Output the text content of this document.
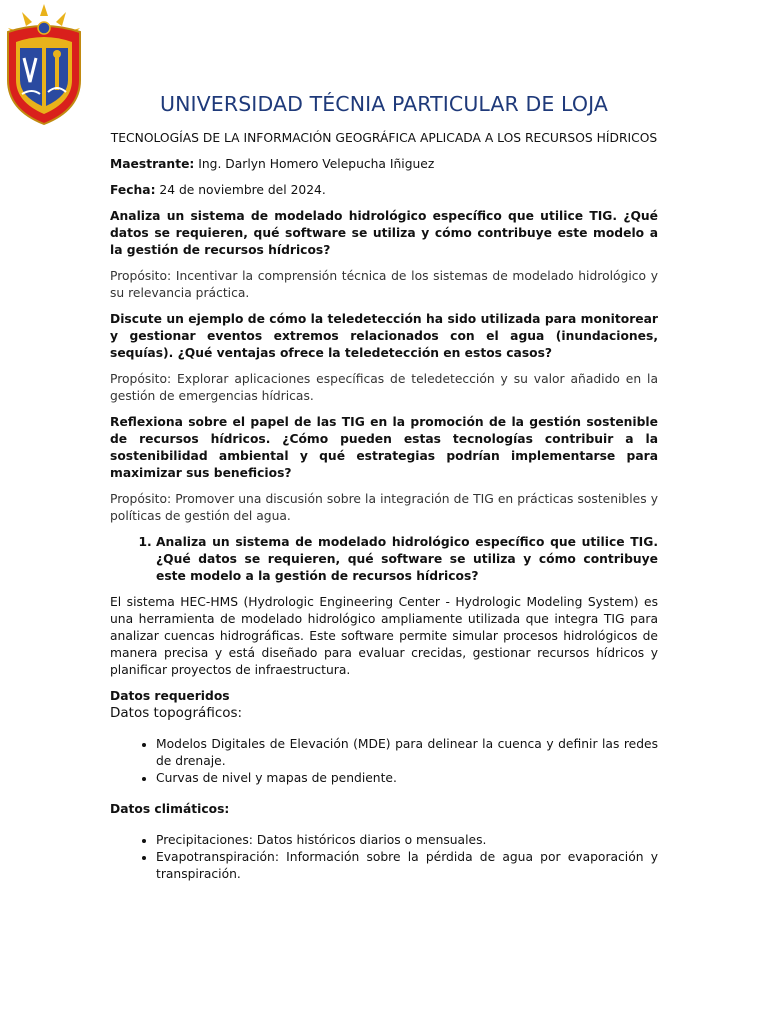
UNIVERSIDAD TÉCNIA PARTICULAR DE LOJA

TECNOLOGÍAS DE LA INFORMACIÓN GEOGRÁFICA APLICADA A LOS RECURSOS HÍDRICOS

Maestrante: Ing. Darlyn Homero Velepucha Iñiguez

Fecha: 24 de noviembre del 2024.

Analiza un sistema de modelado hidrológico específico que utilice TIG. ¿Qué datos se requieren, qué software se utiliza y cómo contribuye este modelo a la gestión de recursos hídricos?

Propósito: Incentivar la comprensión técnica de los sistemas de modelado hidrológico y su relevancia práctica.

Discute un ejemplo de cómo la teledetección ha sido utilizada para monitorear y gestionar eventos extremos relacionados con el agua (inundaciones, sequías). ¿Qué ventajas ofrece la teledetección en estos casos?

Propósito: Explorar aplicaciones específicas de teledetección y su valor añadido en la gestión de emergencias hídricas.

Reflexiona sobre el papel de las TIG en la promoción de la gestión sostenible de recursos hídricos. ¿Cómo pueden estas tecnologías contribuir a la sostenibilidad ambiental y qué estrategias podrían implementarse para maximizar sus beneficios?

Propósito: Promover una discusión sobre la integración de TIG en prácticas sostenibles y políticas de gestión del agua.

1. Analiza un sistema de modelado hidrológico específico que utilice TIG. ¿Qué datos se requieren, qué software se utiliza y cómo contribuye este modelo a la gestión de recursos hídricos?

El sistema HEC-HMS (Hydrologic Engineering Center - Hydrologic Modeling System) es una herramienta de modelado hidrológico ampliamente utilizada que integra TIG para analizar cuencas hidrográficas. Este software permite simular procesos hidrológicos de manera precisa y está diseñado para evaluar crecidas, gestionar recursos hídricos y planificar proyectos de infraestructura.

Datos requeridos

Datos topográficos:

• Modelos Digitales de Elevación (MDE) para delinear la cuenca y definir las redes de drenaje.
• Curvas de nivel y mapas de pendiente.

Datos climáticos:

• Precipitaciones: Datos históricos diarios o mensuales.
• Evapotranspiración: Información sobre la pérdida de agua por evaporación y transpiración.
